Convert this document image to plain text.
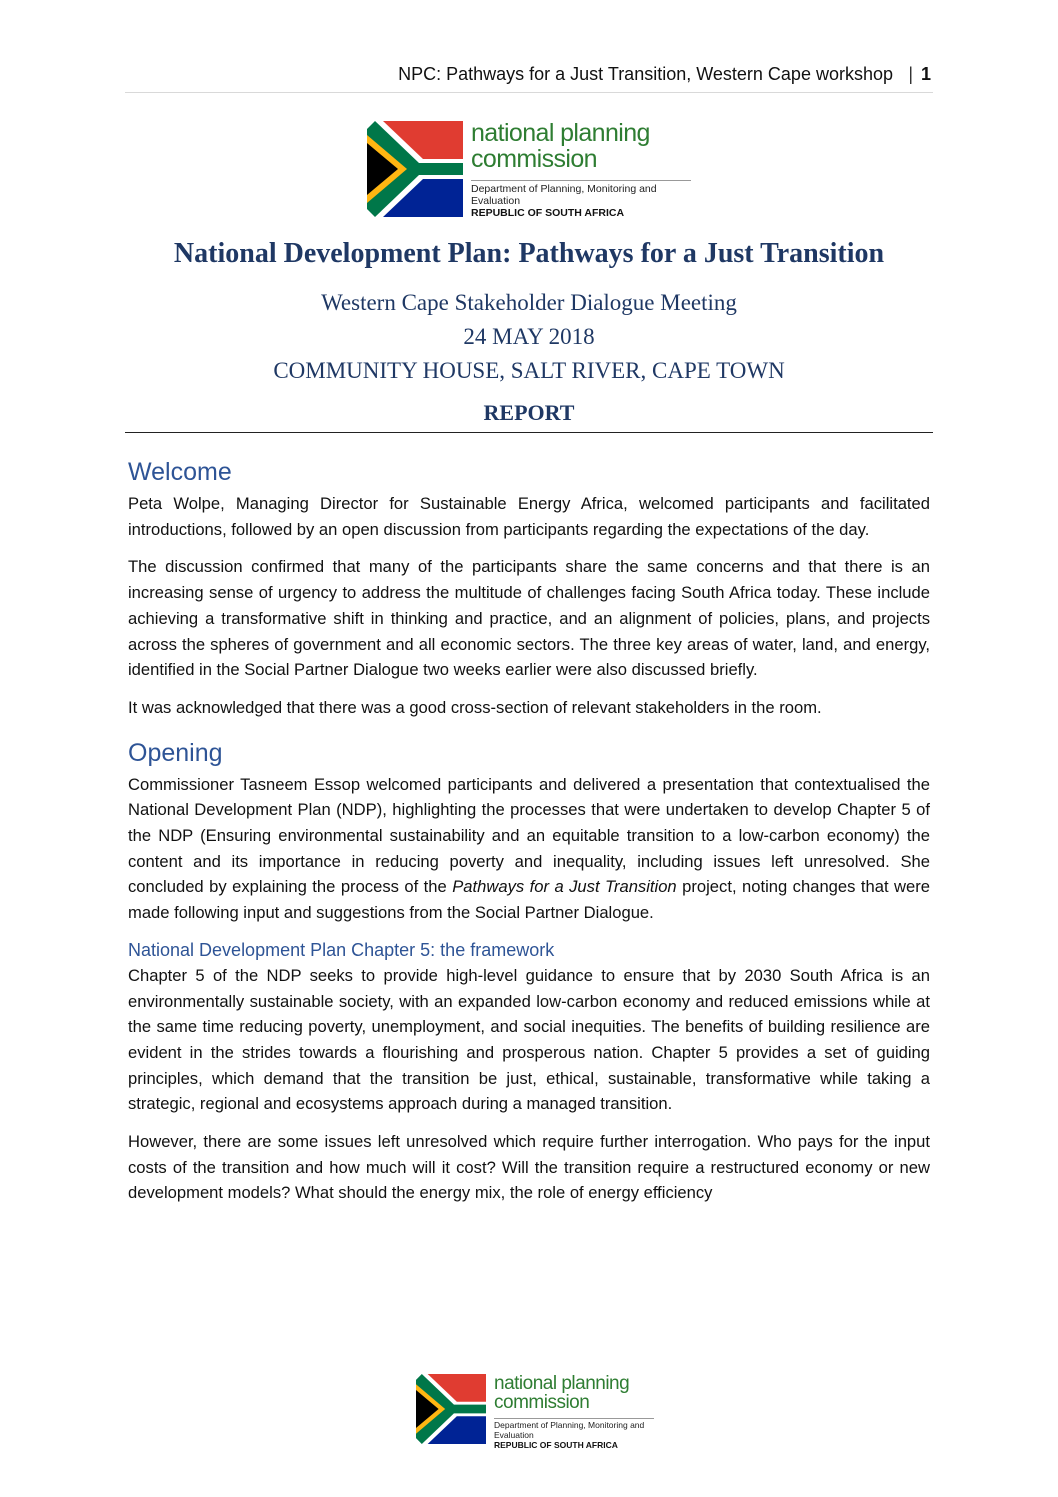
NPC: Pathways for a Just Transition, Western Cape workshop | 1
national planning
commission
Department of Planning, Monitoring and Evaluation
REPUBLIC OF SOUTH AFRICA
National Development Plan: Pathways for a Just Transition

Western Cape Stakeholder Dialogue Meeting

24 MAY 2018

COMMUNITY HOUSE, SALT RIVER, CAPE TOWN

REPORT

Welcome

Peta Wolpe, Managing Director for Sustainable Energy Africa, welcomed participants and facilitated introductions, followed by an open discussion from participants regarding the expectations of the day.

The discussion confirmed that many of the participants share the same concerns and that there is an increasing sense of urgency to address the multitude of challenges facing South Africa today. These include achieving a transformative shift in thinking and practice, and an alignment of policies, plans, and projects across the spheres of government and all economic sectors. The three key areas of water, land, and energy, identified in the Social Partner Dialogue two weeks earlier were also discussed briefly.

It was acknowledged that there was a good cross-section of relevant stakeholders in the room.

Opening

Commissioner Tasneem Essop welcomed participants and delivered a presentation that contextualised the National Development Plan (NDP), highlighting the processes that were undertaken to develop Chapter 5 of the NDP (Ensuring environmental sustainability and an equitable transition to a low-carbon economy) the content and its importance in reducing poverty and inequality, including issues left unresolved. She concluded by explaining the process of the Pathways for a Just Transition project, noting changes that were made following input and suggestions from the Social Partner Dialogue.

National Development Plan Chapter 5: the framework

Chapter 5 of the NDP seeks to provide high-level guidance to ensure that by 2030 South Africa is an environmentally sustainable society, with an expanded low-carbon economy and reduced emissions while at the same time reducing poverty, unemployment, and social inequities. The benefits of building resilience are evident in the strides towards a flourishing and prosperous nation. Chapter 5 provides a set of guiding principles, which demand that the transition be just, ethical, sustainable, transformative while taking a strategic, regional and ecosystems approach during a managed transition.

However, there are some issues left unresolved which require further interrogation. Who pays for the input costs of the transition and how much will it cost? Will the transition require a restructured economy or new development models? What should the energy mix, the role of energy efficiency

national planning
commission
Department of Planning, Monitoring and Evaluation
REPUBLIC OF SOUTH AFRICA
